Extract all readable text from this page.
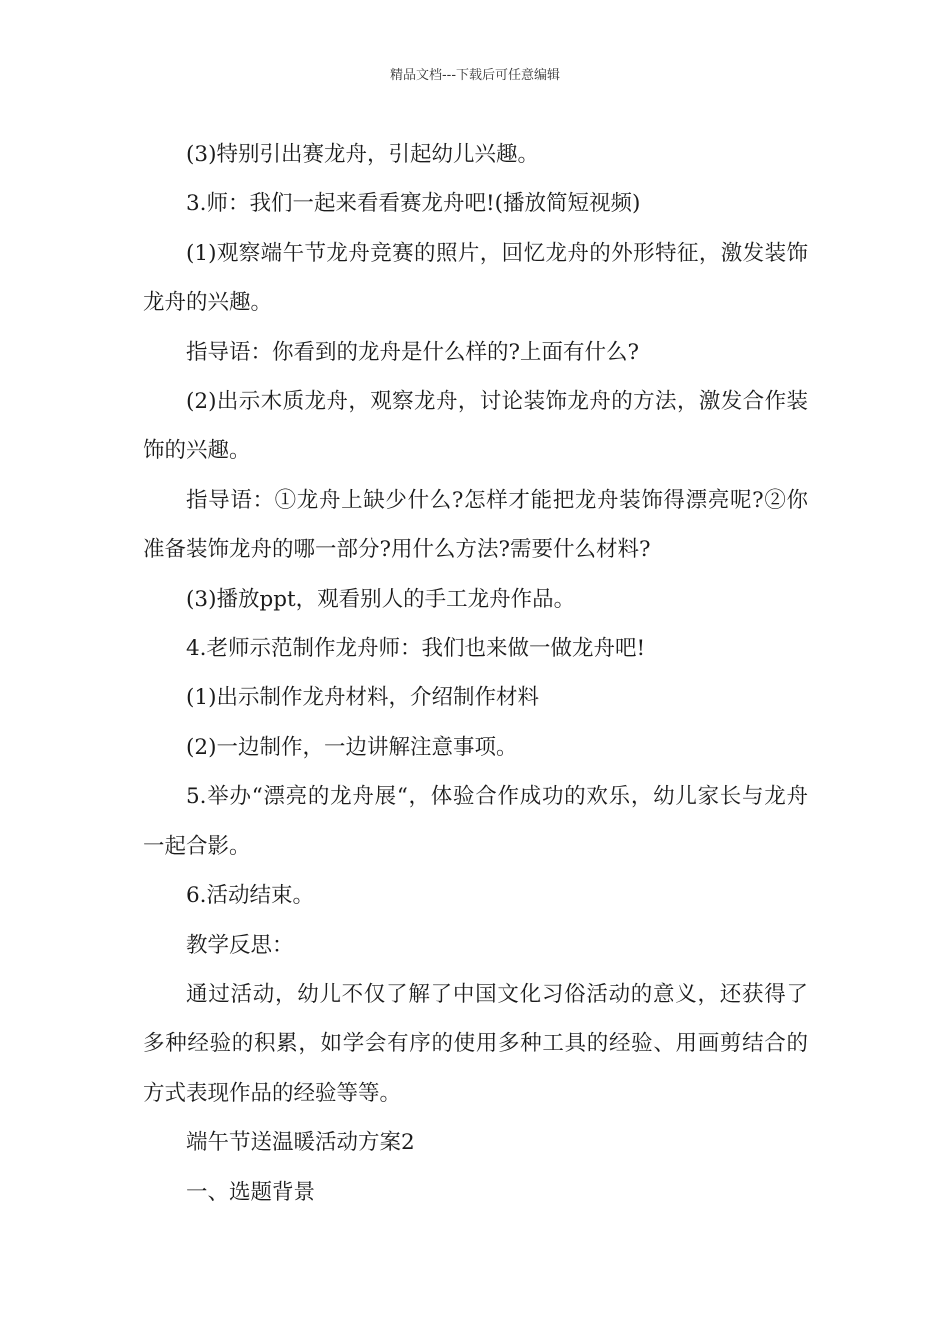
精品文档---下载后可任意编辑

(3)特别引出赛龙舟，引起幼儿兴趣。

3.师：我们一起来看看赛龙舟吧!(播放简短视频)

(1)观察端午节龙舟竞赛的照片，回忆龙舟的外形特征，激发装饰龙舟的兴趣。

指导语：你看到的龙舟是什么样的?上面有什么?

(2)出示木质龙舟，观察龙舟，讨论装饰龙舟的方法，激发合作装饰的兴趣。

指导语：①龙舟上缺少什么?怎样才能把龙舟装饰得漂亮呢?②你准备装饰龙舟的哪一部分?用什么方法?需要什么材料?

(3)播放ppt，观看别人的手工龙舟作品。

4.老师示范制作龙舟师：我们也来做一做龙舟吧!

(1)出示制作龙舟材料，介绍制作材料

(2)一边制作，一边讲解注意事项。

5.举办“漂亮的龙舟展“，体验合作成功的欢乐，幼儿家长与龙舟一起合影。

6.活动结束。

教学反思：

通过活动，幼儿不仅了解了中国文化习俗活动的意义，还获得了多种经验的积累，如学会有序的使用多种工具的经验、用画剪结合的方式表现作品的经验等等。

端午节送温暖活动方案2

一、选题背景
